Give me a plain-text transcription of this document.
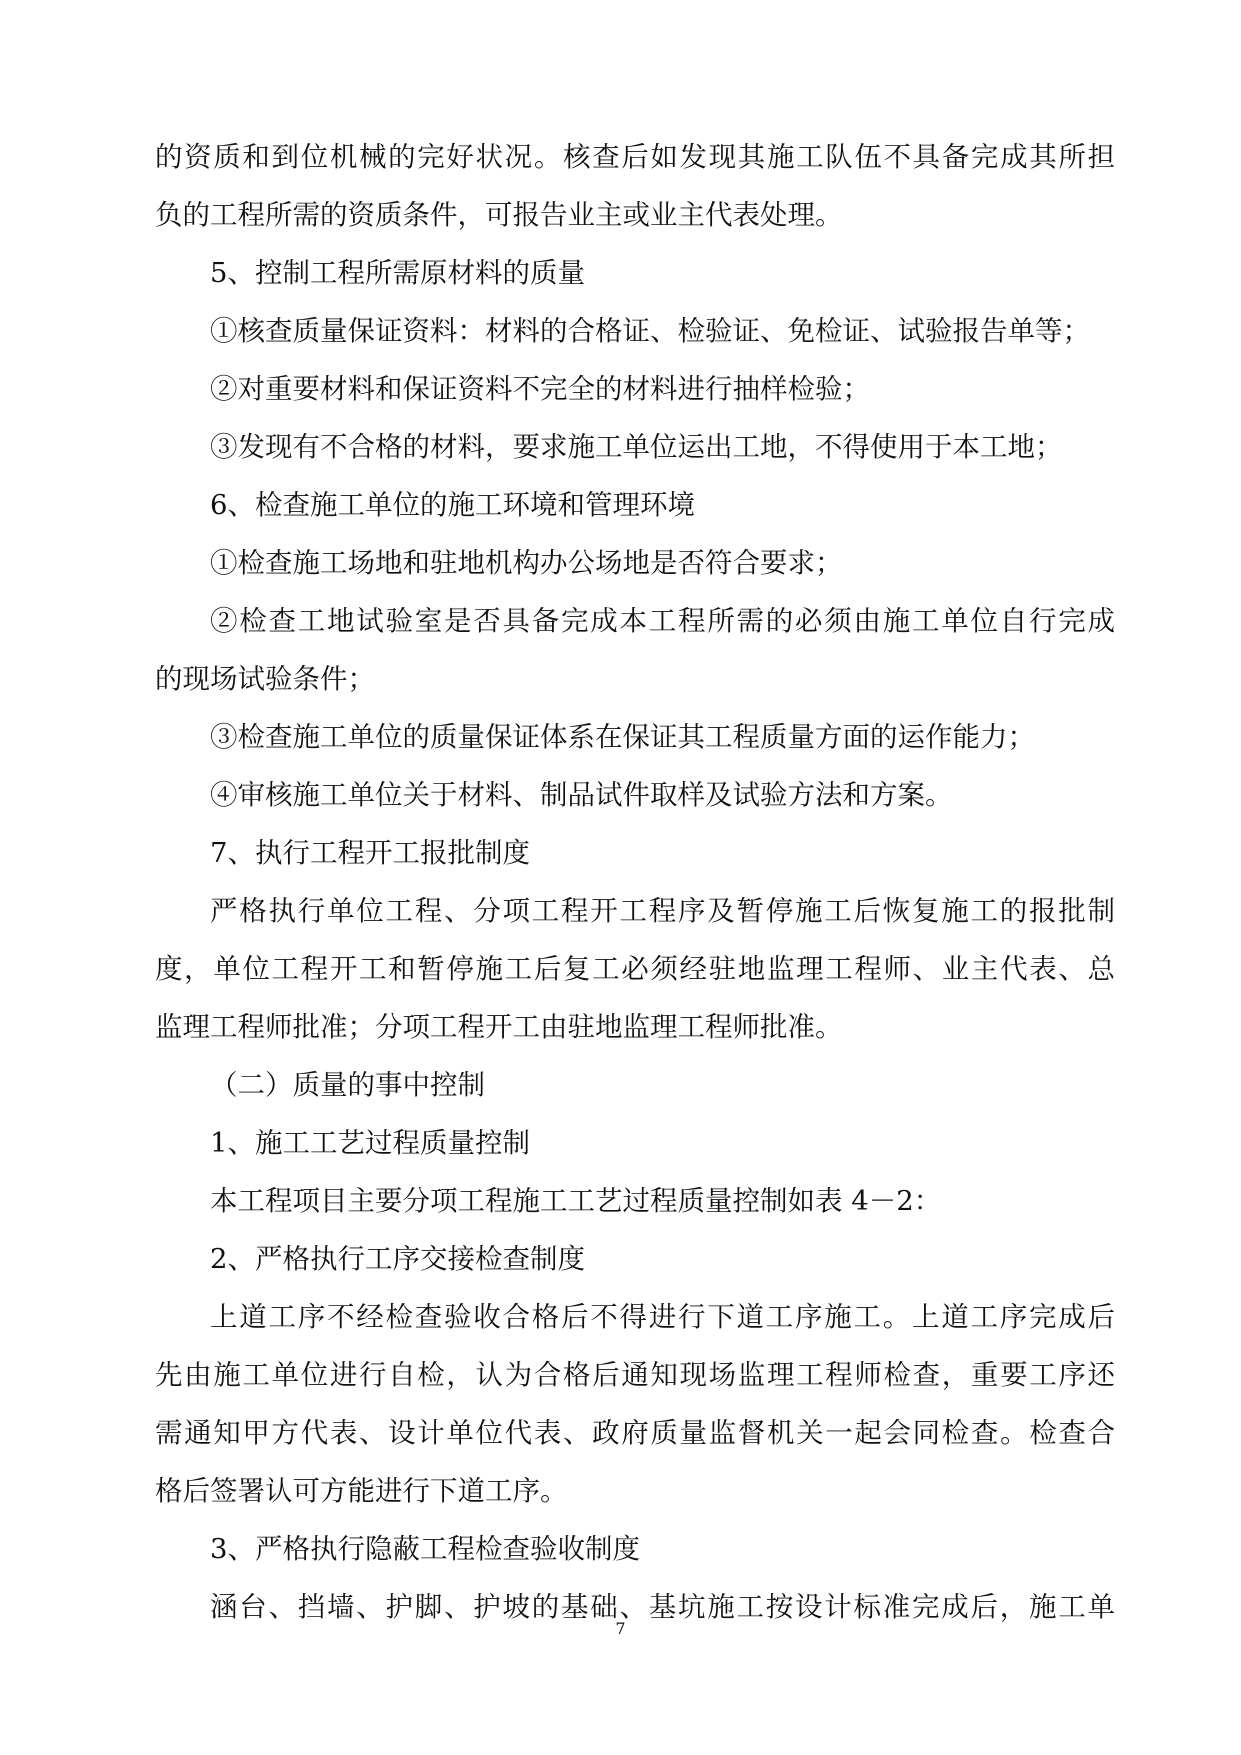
的资质和到位机械的完好状况。核查后如发现其施工队伍不具备完成其所担
负的工程所需的资质条件，可报告业主或业主代表处理。
5、控制工程所需原材料的质量
①核查质量保证资料：材料的合格证、检验证、免检证、试验报告单等；
②对重要材料和保证资料不完全的材料进行抽样检验；
③发现有不合格的材料，要求施工单位运出工地，不得使用于本工地；
6、检查施工单位的施工环境和管理环境
①检查施工场地和驻地机构办公场地是否符合要求；
②检查工地试验室是否具备完成本工程所需的必须由施工单位自行完成
的现场试验条件；
③检查施工单位的质量保证体系在保证其工程质量方面的运作能力；
④审核施工单位关于材料、制品试件取样及试验方法和方案。
7、执行工程开工报批制度
严格执行单位工程、分项工程开工程序及暂停施工后恢复施工的报批制
度，单位工程开工和暂停施工后复工必须经驻地监理工程师、业主代表、总
监理工程师批准；分项工程开工由驻地监理工程师批准。
（二）质量的事中控制
1、施工工艺过程质量控制
本工程项目主要分项工程施工工艺过程质量控制如表 4－2：
2、严格执行工序交接检查制度
上道工序不经检查验收合格后不得进行下道工序施工。上道工序完成后
先由施工单位进行自检，认为合格后通知现场监理工程师检查，重要工序还
需通知甲方代表、设计单位代表、政府质量监督机关一起会同检查。检查合
格后签署认可方能进行下道工序。
3、严格执行隐蔽工程检查验收制度
涵台、挡墙、护脚、护坡的基础、基坑施工按设计标准完成后，施工单
7
